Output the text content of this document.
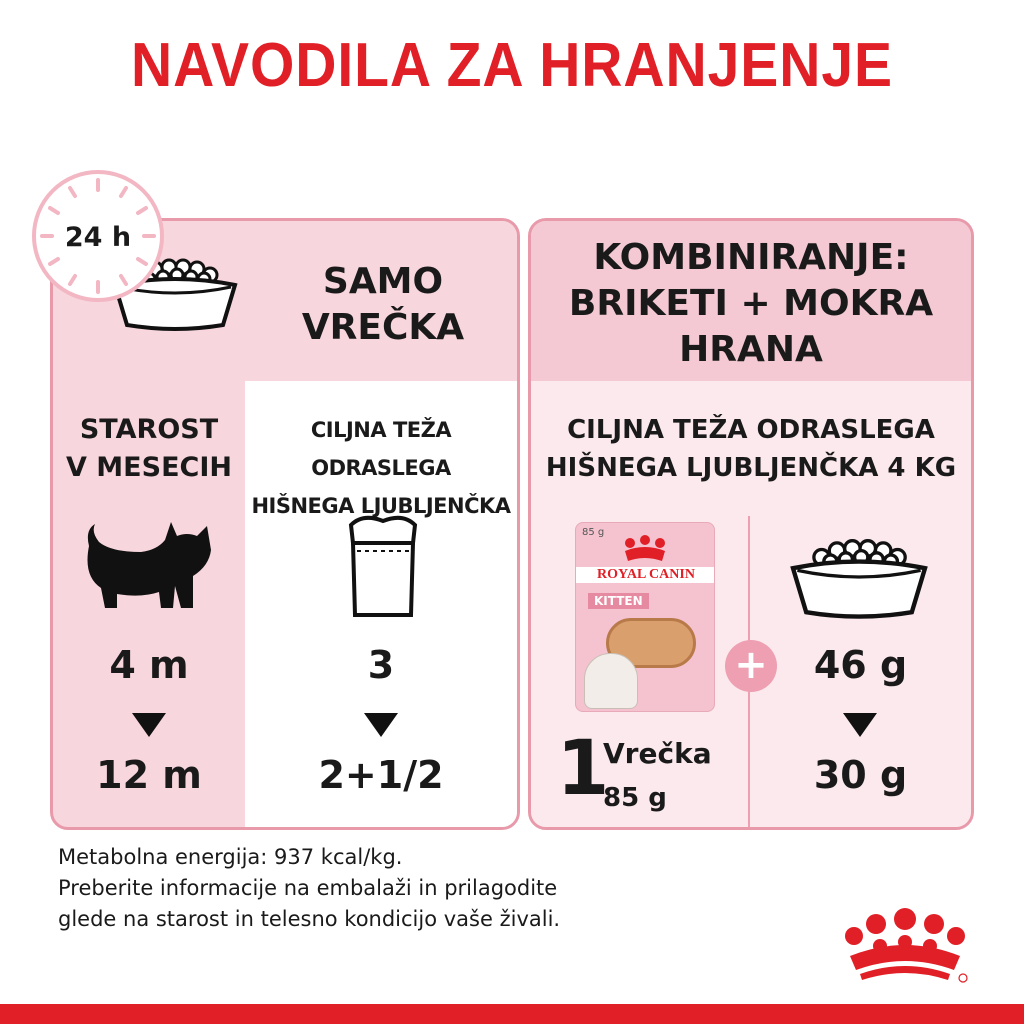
NAVODILA ZA HRANJENJE
SAMO
VREČKA
STAROST
V MESECIH
CILJNA TEŽA ODRASLEGA
HIŠNEGA LJUBLJENČKA
4 m
12 m
3
2+1/2
24 h	KOMBINIRANJE:
BRIKETI + MOKRA
HRANA
CILJNA TEŽA ODRASLEGA
HIŠNEGA LJUBLJENČKA 4 KG
1
Vrečka
85 g
46 g
30 g
85 g
ROYAL CANIN
KITTEN
+
Metabolna energija: 937 kcal/kg.
Preberite informacije na embalaži in prilagodite
glede na starost in telesno kondicijo vaše živali.
